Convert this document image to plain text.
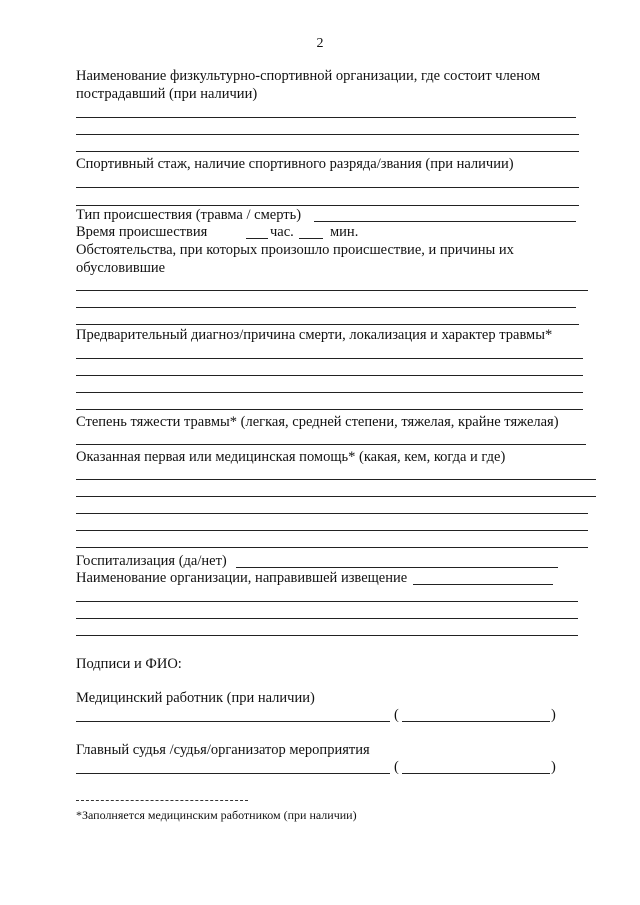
2
Наименование физкультурно-спортивной организации, где состоит членом
пострадавший (при наличии)
Спортивный стаж, наличие спортивного разряда/звания (при наличии)
Тип происшествия (травма / смерть)
Время происшествия	час. мин.
Обстоятельства, при которых произошло происшествие, и причины их
обусловившие
Предварительный диагноз/причина смерти, локализация и характер травмы*
Степень тяжести травмы* (легкая, средней степени, тяжелая, крайне тяжелая)
Оказанная первая или медицинская помощь* (какая, кем, когда и где)
Госпитализация (да/нет)
Наименование организации, направившей извещение
Подписи и ФИО:
Медицинский работник (при наличии)
(	)
Главный судья /судья/организатор мероприятия
(	)
*Заполняется медицинским работником (при наличии)
